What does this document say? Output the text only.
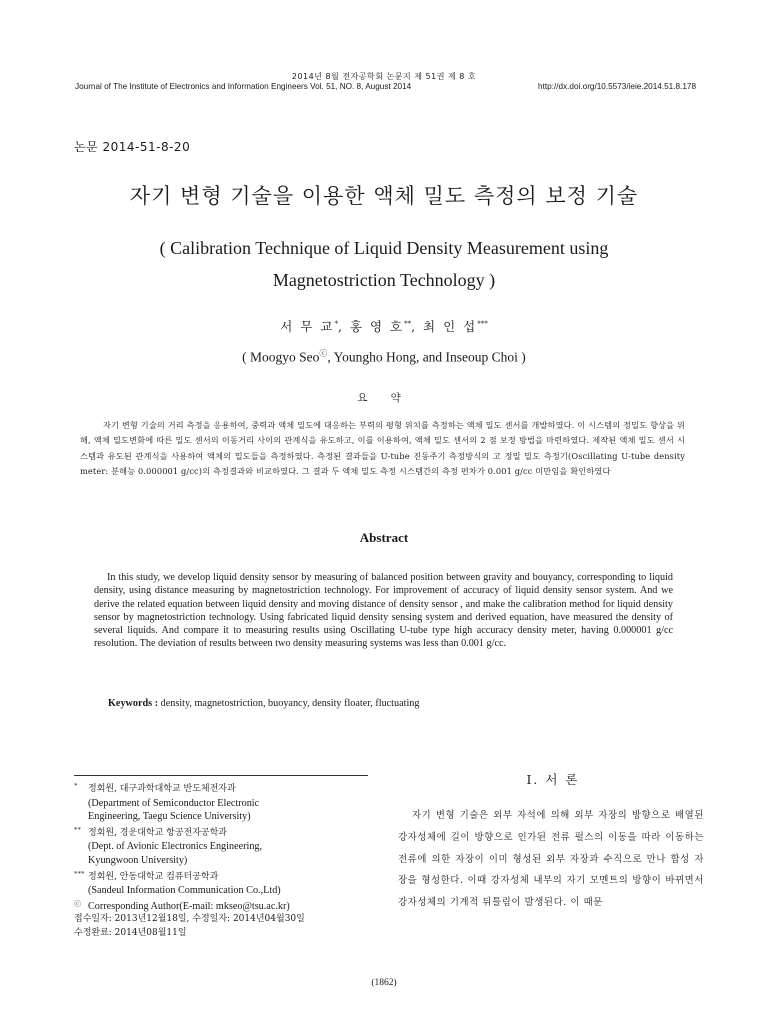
2014년 8월 전자공학회 논문지 제 51권 제 8 호
Journal of The Institute of Electronics and Information Engineers Vol. 51, NO. 8, August 2014	http://dx.doi.org/10.5573/ieie.2014.51.8.178
논문 2014-51-8-20
자기 변형 기술을 이용한 액체 밀도 측정의 보정 기술
( Calibration Technique of Liquid Density Measurement using
Magnetostriction Technology )
서 무 교*, 홍 영 호**, 최 인 섭***
( Moogyo Seoⓒ, Youngho Hong, and Inseoup Choi )
요 약
자기 변형 기술의 거리 측정을 응용하여, 중력과 액체 밀도에 대응하는 부력의 평형 위치를 측정하는 액체 밀도 센서를 개발하였다. 이 시스템의 정밀도 향상을 위해, 액체 밀도변화에 따른 밀도 센서의 이동거리 사이의 관계식을 유도하고, 이를 이용하여, 액체 밀도 센서의 2 점 보정 방법을 마련하였다. 제작된 액체 밀도 센서 시스템과 유도된 관계식을 사용하여 액체의 밀도들을 측정하였다. 측정된 결과들을 U-tube 진동주기 측정방식의 고 정밀 밀도 측정기(Oscillating U-tube density meter: 분해능 0.000001 g/cc)의 측정결과와 비교하였다. 그 결과 두 액체 밀도 측정 시스템간의 측정 편차가 0.001 g/cc 미만임을 확인하였다
Abstract
In this study, we develop liquid density sensor by measuring of balanced position between gravity and bouyancy, corresponding to liquid density, using distance measuring by magnetostriction technology. For improvement of accuracy of liquid density sensor system. And we derive the related equation between liquid density and moving distance of density sensor , and make the calibration method for liquid density sensor by magnetostriction technology. Using fabricated liquid density sensing system and derived equation, have measured the density of several liquids. And compare it to measuring results using Oscillating U-tube type high accuracy density meter, having 0.000001 g/cc resolution. The deviation of results between two density measuring systems was less than 0.001 g/cc.
Keywords : density, magnetostriction, buoyancy, density floater, fluctuating
* 정회원, 대구과학대학교 반도체전자과
(Department of Semiconductor Electronic
Engineering, Taegu Science University)
** 정회원, 경운대학교 항공전자공학과
(Dept. of Avionic Electronics Engineering,
Kyungwoon University)
*** 정회원, 안동대학교 컴퓨터공학과
(Sandeul Information Communication Co.,Ltd)
ⓒ Corresponding Author(E-mail: mkseo@tsu.ac.kr)
접수일자: 2013년12월18일, 수정일자: 2014년04월30일
수정완료: 2014년08월11일
I. 서 론
자기 변형 기술은 외부 자석에 의해 외부 자장의 방향으로 배열된 강자성체에 길이 방향으로 인가된 전류 펄스의 이동을 따라 이동하는 전류에 의한 자장이 이미 형성된 외부 자장과 수직으로 만나 합성 자장을 형성한다. 이때 강자성체 내부의 자기 모멘트의 방향이 바뀌면서 강자성체의 기계적 뒤틀림이 발생된다. 이 때문
(1862)
